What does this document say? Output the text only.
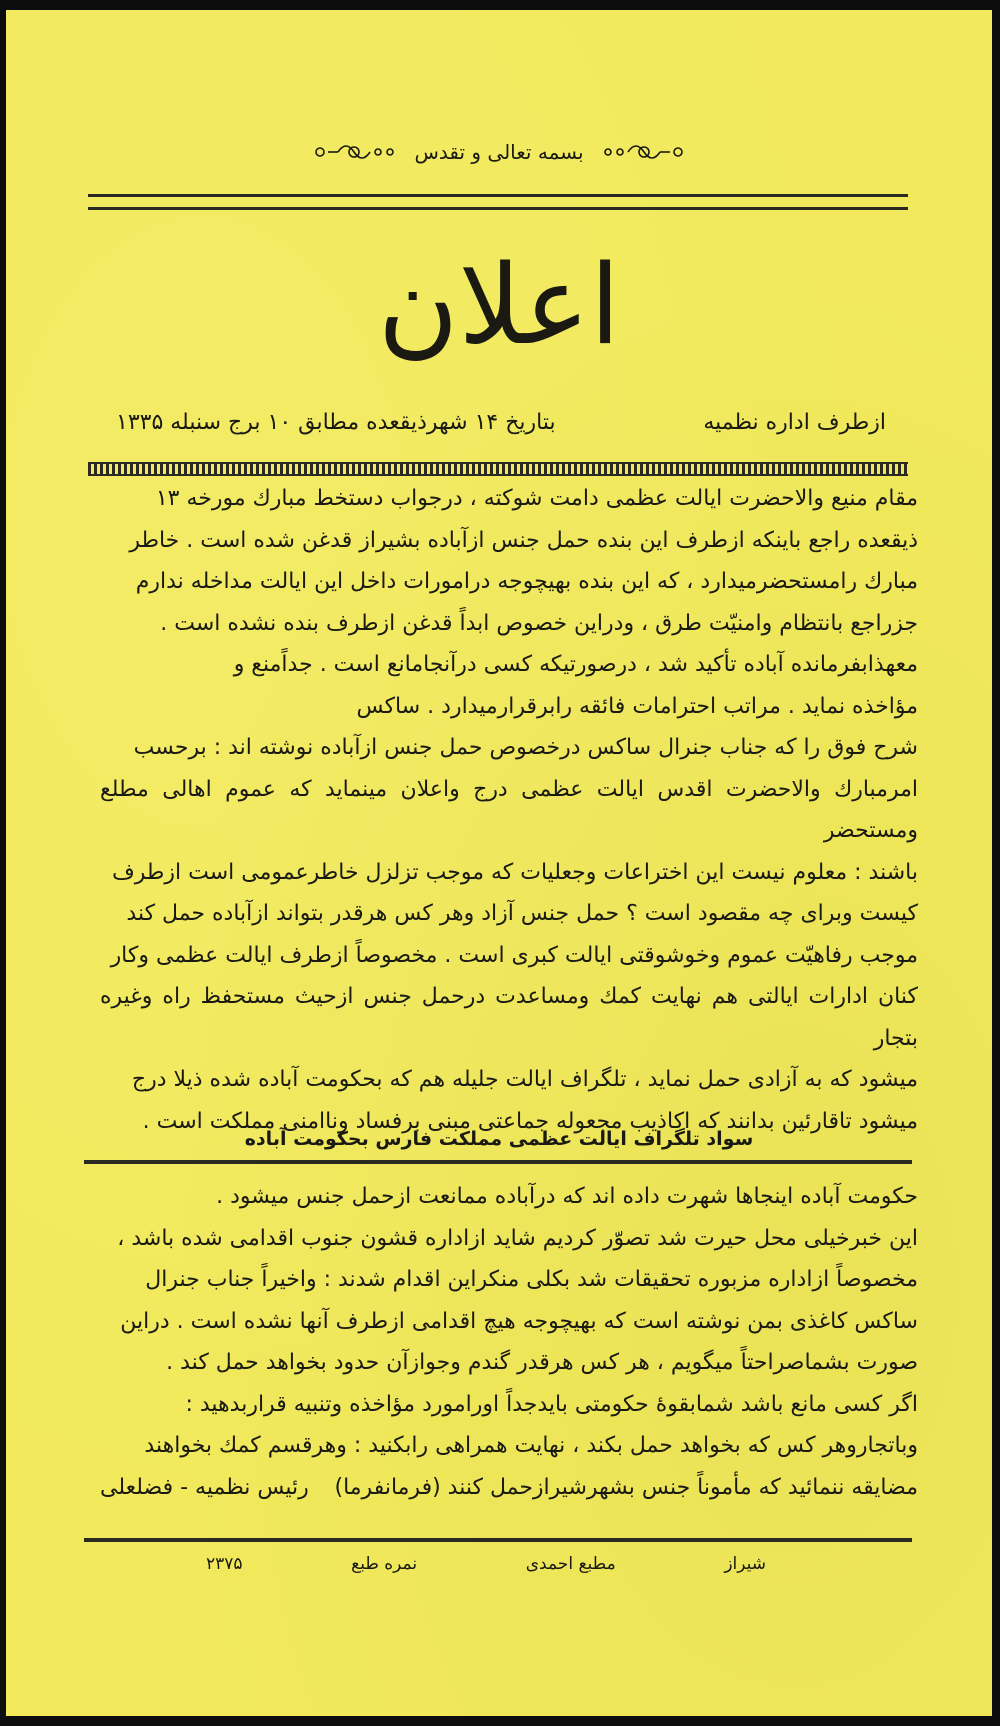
بسمه تعالی و تقدس
اعلان
ازطرف اداره نظمیه
بتاریخ ۱۴ شهرذیقعده مطابق ۱۰ برج سنبله ۱۳۳۵

مقام منیع والاحضرت ایالت عظمی دامت شوکته ، درجواب دستخط مبارك مورخه ۱۳

ذیقعده راجع باینکه ازطرف این بنده حمل جنس ازآباده بشیراز قدغن شده است . خاطر

مبارك رامستحضرمیدارد ، که این بنده بهیچوجه درامورات داخل این ایالت مداخله ندارم

جزراجع بانتظام وامنیّت طرق ، ودراین خصوص ابداً قدغن ازطرف بنده نشده است .

معهذابفرمانده آباده تأکید شد ، درصورتیکه کسی درآنجامانع است . جداًمنع و

مؤاخذه نماید . مراتب احترامات فائقه رابرقرارمیدارد . ساکس

شرح فوق را که جناب جنرال ساکس درخصوص حمل جنس ازآباده نوشته اند : برحسب

امرمبارك والاحضرت اقدس ایالت عظمی درج واعلان مینماید که عموم اهالی مطلع ومستحضر

باشند : معلوم نیست این اختراعات وجعلیات که موجب تزلزل خاطرعمومی است ازطرف

کیست وبرای چه مقصود است ؟ حمل جنس آزاد وهر کس هرقدر بتواند ازآباده حمل کند

موجب رفاهیّت عموم وخوشوقتی ایالت کبری است . مخصوصاً ازطرف ایالت عظمی وکار

کنان ادارات ایالتی هم نهایت کمك ومساعدت درحمل جنس ازحیث مستحفظ راه وغیره بتجار

میشود که به آزادی حمل نماید ، تلگراف ایالت جلیله هم که بحکومت آباده شده ذیلا درج

میشود تاقارئین بدانند که اکاذیب مجعوله جماعتی مبنی برفساد وناامنی مملکت است .

سواد تلگراف ایالت عظمی مملکت فارس بحکومت آباده

حکومت آباده اینجاها شهرت داده اند که درآباده ممانعت ازحمل جنس میشود .

این خبرخیلی محل حیرت شد تصوّر کردیم شاید ازاداره قشون جنوب اقدامی شده باشد ،

مخصوصاً ازاداره مزبوره تحقیقات شد بکلی منکراین اقدام شدند : واخیراً جناب جنرال

ساکس کاغذی بمن نوشته است که بهیچوجه هیچ اقدامی ازطرف آنها نشده است . دراین

صورت بشماصراحتاً میگویم ، هر کس هرقدر گندم وجوازآن حدود بخواهد حمل کند .

اگر کسی مانع باشد شمابقوۀ حکومتی بایدجداً اورامورد مؤاخذه وتنبیه قراربدهید :

وباتجاروهر کس که بخواهد حمل بکند ، نهایت همراهی رابکنید : وهرقسم کمك بخواهند

مضایقه ننمائید که مأموناً جنس بشهرشیرازحمل کنند (فرمانفرما)
رئیس نظمیه - فضلعلی

شیراز
مطبع احمدی
نمره طبع
۲۳۷۵
